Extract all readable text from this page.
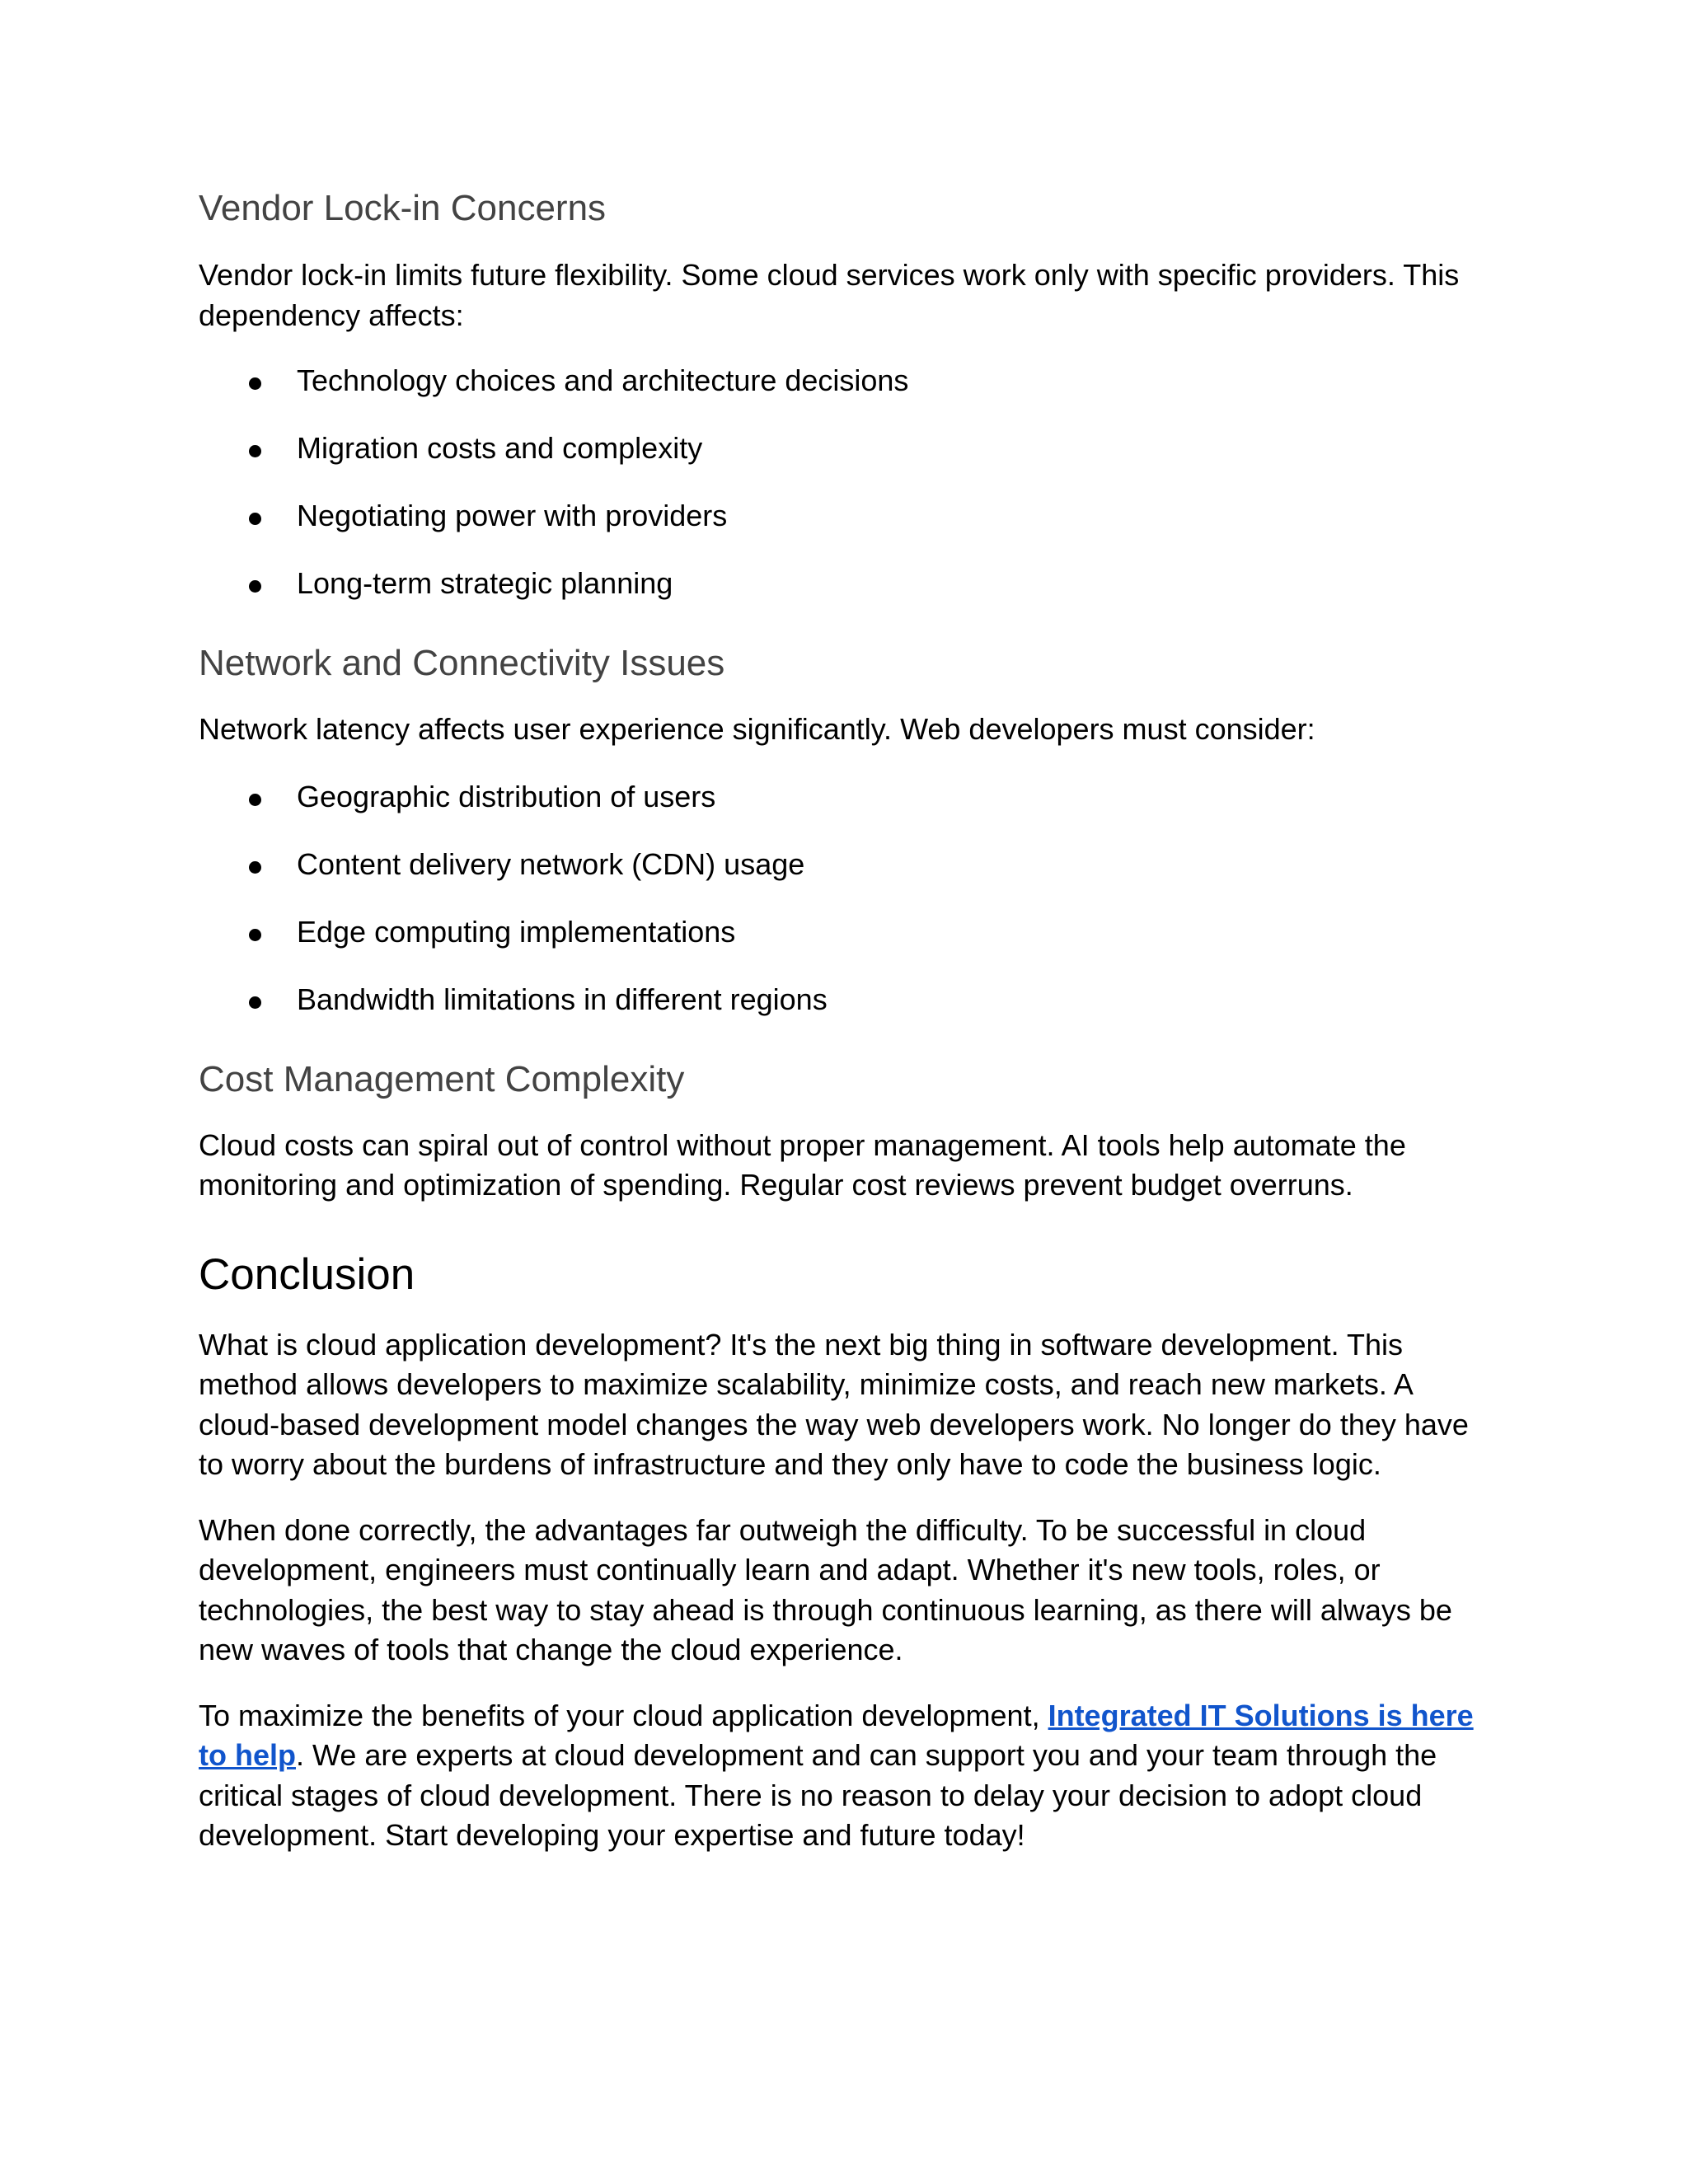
Vendor Lock-in Concerns

Vendor lock-in limits future flexibility. Some cloud services work only with specific providers. This dependency affects:

Technology choices and architecture decisions
Migration costs and complexity
Negotiating power with providers
Long-term strategic planning
Network and Connectivity Issues

Network latency affects user experience significantly. Web developers must consider:

Geographic distribution of users
Content delivery network (CDN) usage
Edge computing implementations
Bandwidth limitations in different regions
Cost Management Complexity

Cloud costs can spiral out of control without proper management. AI tools help automate the monitoring and optimization of spending. Regular cost reviews prevent budget overruns.

Conclusion

What is cloud application development? It's the next big thing in software development. This method allows developers to maximize scalability, minimize costs, and reach new markets. A cloud-based development model changes the way web developers work. No longer do they have to worry about the burdens of infrastructure and they only have to code the business logic.

When done correctly, the advantages far outweigh the difficulty. To be successful in cloud development, engineers must continually learn and adapt. Whether it's new tools, roles, or technologies, the best way to stay ahead is through continuous learning, as there will always be new waves of tools that change the cloud experience.

To maximize the benefits of your cloud application development, Integrated IT Solutions is here to help. We are experts at cloud development and can support you and your team through the critical stages of cloud development. There is no reason to delay your decision to adopt cloud development. Start developing your expertise and future today!
